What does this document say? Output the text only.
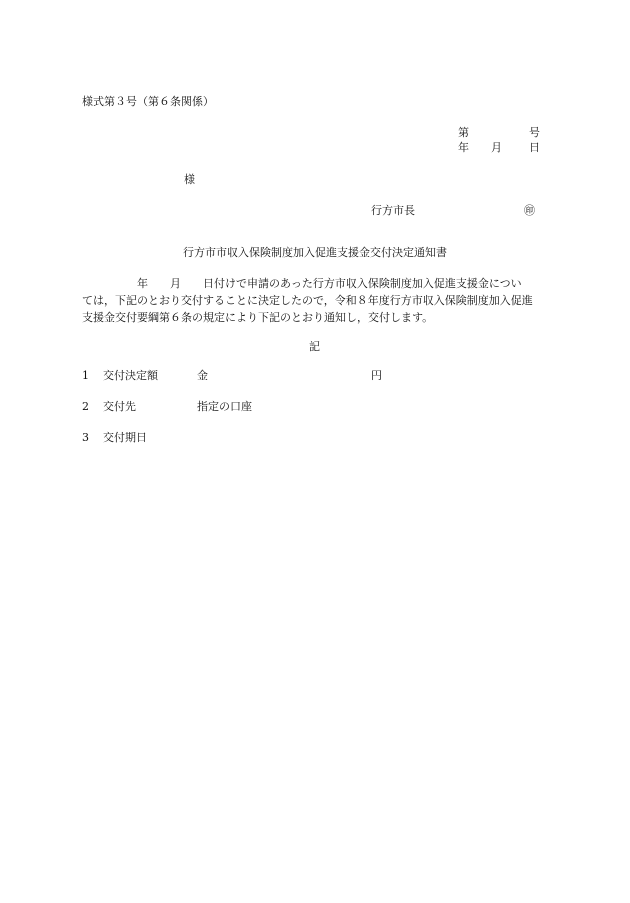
様式第３号（第６条関係）
第	号
年 月 日
様
行方市長	㊞
行方市市収入保険制度加入促進支援金交付決定通知書
年 月 日付けで申請のあった行方市収入保険制度加入促進支援金につい
ては，下記のとおり交付することに決定したので，令和８年度行方市収入保険制度加入促進
支援金交付要綱第６条の規定により下記のとおり通知し，交付します。
記
1 交付決定額	金	円
2 交付先	指定の口座
3 交付期日
